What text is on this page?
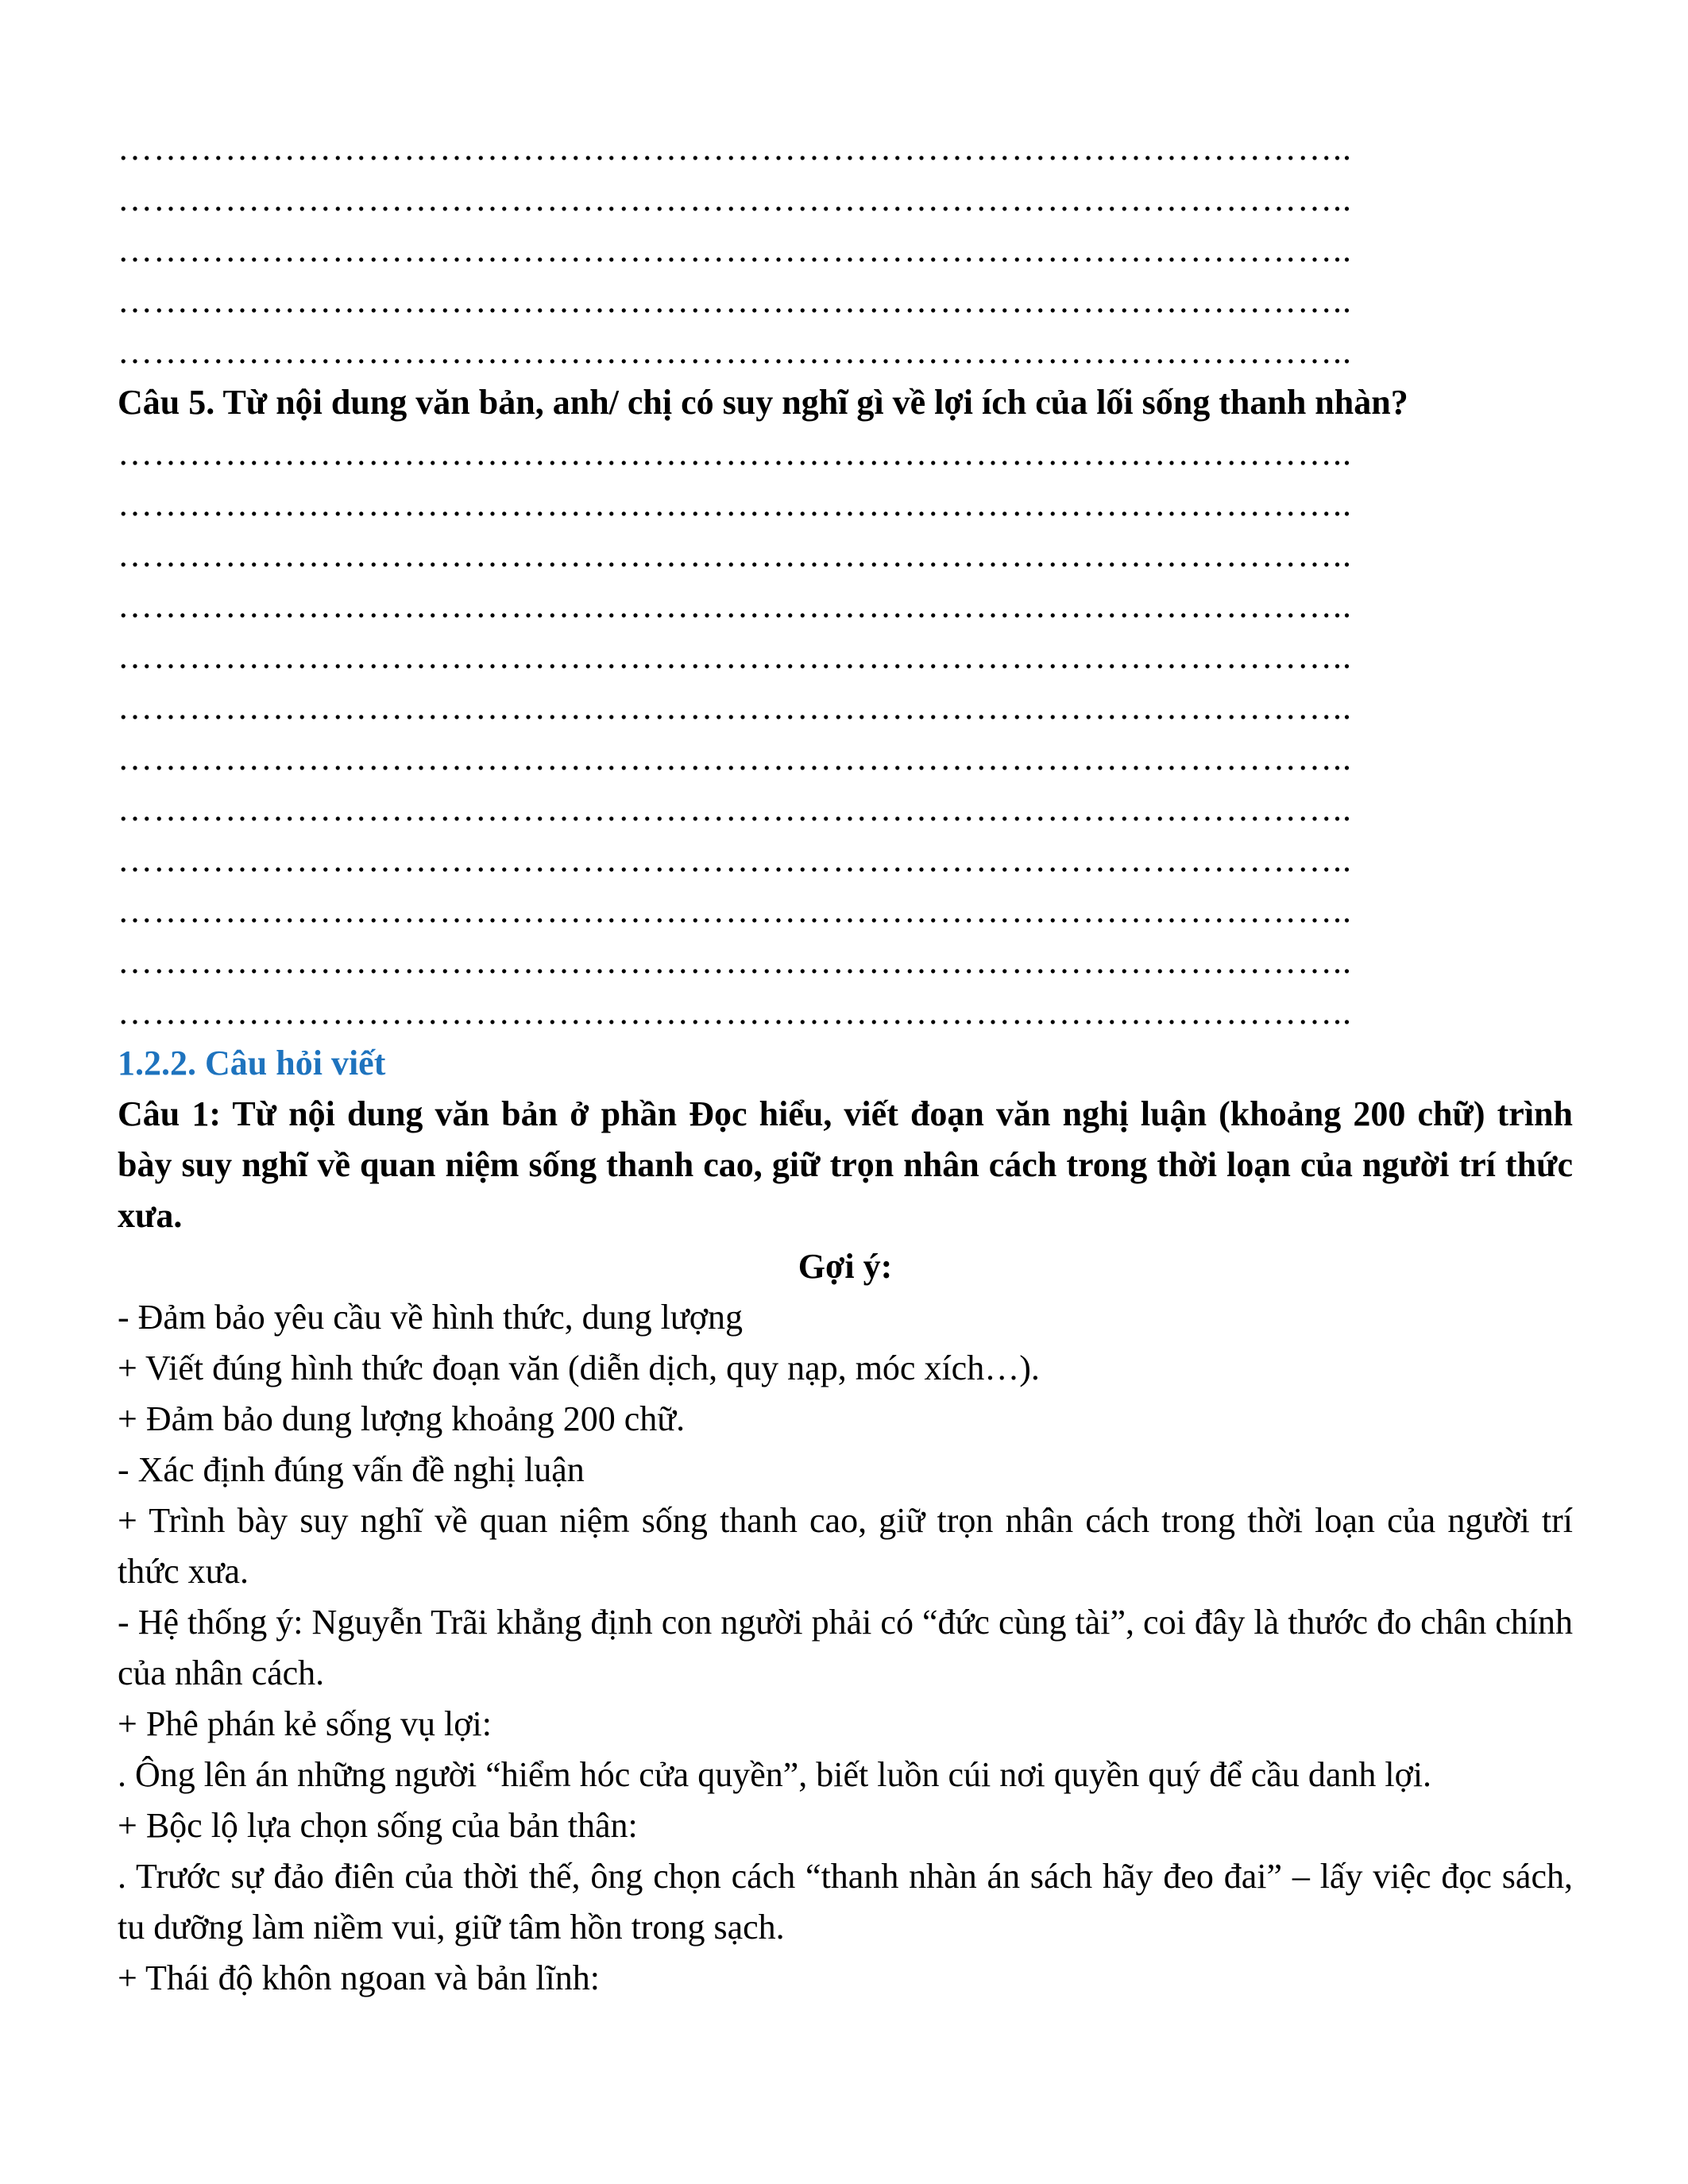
…………………………………………………………………………………………..
…………………………………………………………………………………………..
…………………………………………………………………………………………..
…………………………………………………………………………………………..
…………………………………………………………………………………………..
Câu 5. Từ nội dung văn bản, anh/ chị có suy nghĩ gì về lợi ích của lối sống thanh nhàn?
…………………………………………………………………………………………..
…………………………………………………………………………………………..
…………………………………………………………………………………………..
…………………………………………………………………………………………..
…………………………………………………………………………………………..
…………………………………………………………………………………………..
…………………………………………………………………………………………..
…………………………………………………………………………………………..
…………………………………………………………………………………………..
…………………………………………………………………………………………..
…………………………………………………………………………………………..
…………………………………………………………………………………………..
1.2.2. Câu hỏi viết
Câu 1: Từ nội dung văn bản ở phần Đọc hiểu, viết đoạn văn nghị luận (khoảng 200 chữ) trình bày suy nghĩ về quan niệm sống thanh cao, giữ trọn nhân cách trong thời loạn của người trí thức xưa.
Gợi ý:
- Đảm bảo yêu cầu về hình thức, dung lượng
+ Viết đúng hình thức đoạn văn (diễn dịch, quy nạp, móc xích…).
+ Đảm bảo dung lượng khoảng 200 chữ.
- Xác định đúng vấn đề nghị luận
+ Trình bày suy nghĩ về quan niệm sống thanh cao, giữ trọn nhân cách trong thời loạn của người trí thức xưa.
- Hệ thống ý: Nguyễn Trãi khẳng định con người phải có “đức cùng tài”, coi đây là thước đo chân chính của nhân cách.
+ Phê phán kẻ sống vụ lợi:
. Ông lên án những người “hiểm hóc cửa quyền”, biết luồn cúi nơi quyền quý để cầu danh lợi.
+ Bộc lộ lựa chọn sống của bản thân:
. Trước sự đảo điên của thời thế, ông chọn cách “thanh nhàn án sách hãy đeo đai” – lấy việc đọc sách, tu dưỡng làm niềm vui, giữ tâm hồn trong sạch.
+ Thái độ khôn ngoan và bản lĩnh:
